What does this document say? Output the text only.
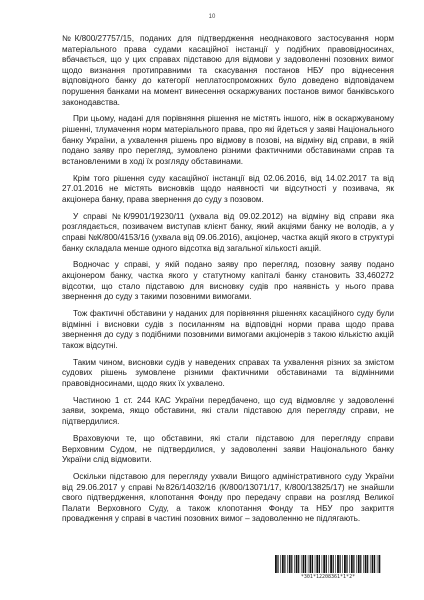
10

№К/800/27757/15, поданих для підтвердження неоднакового застосування норм матеріального права судами касаційної інстанції у подібних правовідносинах, вбачається, що у цих справах підставою для відмови у задоволенні позовних вимог щодо визнання протиправними та скасування постанов НБУ про віднесення відповідного банку до категорії неплатоспроможних було доведено відповідачем порушення банками на момент винесення оскаржуваних постанов вимог банківського законодавства.

При цьому, надані для порівняння рішення не містять іншого, ніж в оскаржуваному рішенні, тлумачення норм матеріального права, про які йдеться у заяві Національного банку України, а ухвалення рішень про відмову в позові, на відміну від справи, в якій подано заяву про перегляд, зумовлено різними фактичними обставинами справ та встановленими в ході їх розгляду обставинами.

Крім того рішення суду касаційної інстанції від 02.06.2016, від 14.02.2017 та від 27.01.2016 не містять висновків щодо наявності чи відсутності у позивача, як акціонера банку, права звернення до суду з позовом.

У справі №К/9901/19230/11 (ухвала від 09.02.2012) на відміну від справи яка розглядається, позивачем виступав клієнт банку, який акціями банку не володів, а у справі №К/800/4153/16 (ухвала від 09.06.2016), акціонер, частка акцій якого в структурі банку складала менше одного відсотка від загальної кількості акцій.

Водночас у справі, у якій подано заяву про перегляд, позовну заяву подано акціонером банку, частка якого у статутному капіталі банку становить 33,460272 відсотки, що стало підставою для висновку судів про наявність у нього права звернення до суду з такими позовними вимогами.

Тож фактичні обставини у наданих для порівняння рішеннях касаційного суду були відмінні і висновки судів з посиланням на відповідні норми права щодо права звернення до суду з подібними позовними вимогами акціонерів з такою кількістю акцій також відсутні.

Таким чином, висновки судів у наведених справах та ухвалення різних за змістом судових рішень зумовлене різними фактичними обставинами та відмінними правовідносинами, щодо яких їх ухвалено.

Частиною 1 ст. 244 КАС України передбачено, що суд відмовляє у задоволенні заяви, зокрема, якщо обставини, які стали підставою для перегляду справи, не підтвердилися.

Враховуючи те, що обставини, які стали підставою для перегляду справи Верховним Судом, не підтвердилися, у задоволенні заяви Національного банку України слід відмовити.

Оскільки підставою для перегляду ухвали Вищого адміністративного суду України від 29.06.2017 у справі №826/14032/16 (К/800/13071/17, К/800/13825/17) не знайшли свого підтвердження, клопотання Фонду про передачу справи на розгляд Великої Палати Верховного Суду, а також клопотання Фонду та НБУ про закриття провадження у справі в частині позовних вимог – задоволенню не підлягають.

*301*12208361*1*2*
